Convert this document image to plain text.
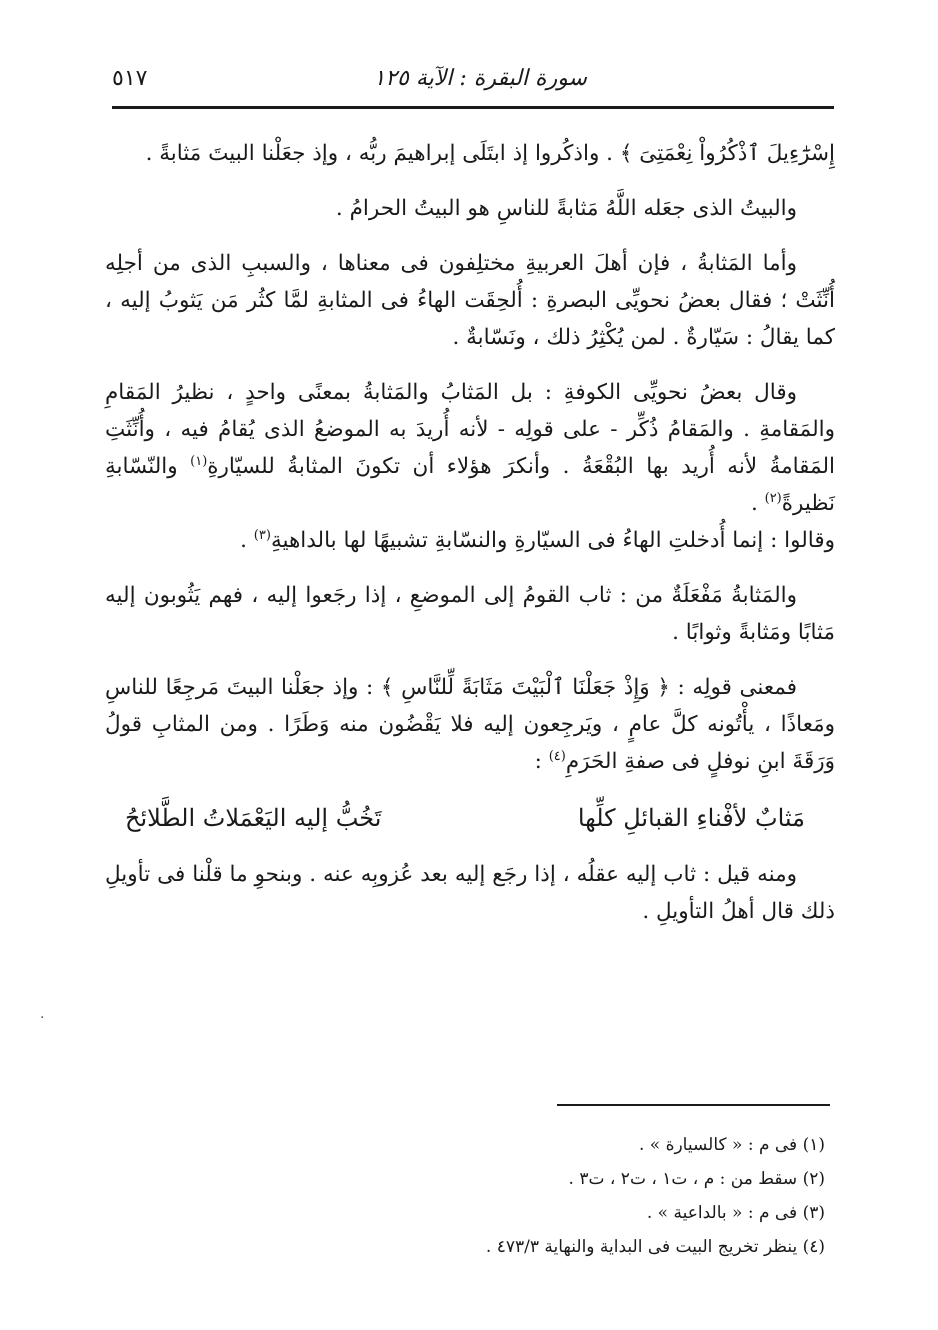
سورة البقرة : الآية ١٢٥
٥١٧

إِسْرَٰٓءِيلَ ٱذْكُرُواْ نِعْمَتِىَ ﴾ . واذكُروا إذ ابتَلَى إبراهيمَ ربُّه ، وإذ جعَلْنا البيتَ مَثابةً .

والبيتُ الذى جعَله اللَّهُ مَثابةً للناسِ هو البيتُ الحرامُ .

وأما المَثابةُ ، فإن أهلَ العربيةِ مختلِفون فى معناها ، والسببِ الذى من أجلِه أُنِّثَتْ ؛ فقال بعضُ نحويِّى البصرةِ : أُلحِقَت الهاءُ فى المثابةِ لمَّا كثُر مَن يَثوبُ إليه ، كما يقالُ : سَيّارةٌ . لمن يُكْثِرُ ذلك ، ونَسّابةٌ .

وقال بعضُ نحويِّى الكوفةِ : بل المَثابُ والمَثابةُ بمعنًى واحدٍ ، نظيرُ المَقامِ والمَقامةِ . والمَقامُ ذُكِّر - على قولِه - لأنه أُريدَ به الموضعُ الذى يُقامُ فيه ، وأُنِّثَتِ المَقامةُ لأنه أُريد بها البُقْعَةُ . وأنكرَ هؤلاء أن تكونَ المثابةُ للسيّارةِ$^{(١)}$ والنّسّابةِ نَظيرةً$^{(٢)}$ .
وقالوا : إنما أُدخلتِ الهاءُ فى السيّارةِ والنسّابةِ تشبيهًا لها بالداهيةِ$^{(٣)}$ .

والمَثابةُ مَفْعَلَةٌ من : ثاب القومُ إلى الموضعِ ، إذا رجَعوا إليه ، فهم يَثُوبون إليه مَثابًا ومَثابةً وثوابًا .

فمعنى قولِه : ﴿ وَإِذْ جَعَلْنَا ٱلْبَيْتَ مَثَابَةً لِّلنَّاسِ ﴾ : وإذ جعَلْنا البيتَ مَرجِعًا للناسِ ومَعاذًا ، يأْتُونه كلَّ عامٍ ، ويَرجِعون إليه فلا يَقْضُون منه وَطَرًا . ومن المثابِ قولُ وَرَقَةَ ابنِ نوفلٍ فى صفةِ الحَرَمِ$^{(٤)}$ :

مَثابٌ لأفْناءِ القبائلِ كلِّها
تَخُبُّ إليه اليَعْمَلاتُ الطَّلائحُ

ومنه قيل : ثاب إليه عقلُه ، إذا رجَع إليه بعد عُزوبِه عنه . وبنحوِ ما قلْنا فى تأويلِ ذلك قال أهلُ التأويلِ .

(١) فى م : « كالسيارة » .
(٢) سقط من : م ، ت١ ، ت٢ ، ت٣ .
(٣) فى م : « بالداعية » .
(٤) ينظر تخريج البيت فى البداية والنهاية ٤٧٣/٣ .
·
